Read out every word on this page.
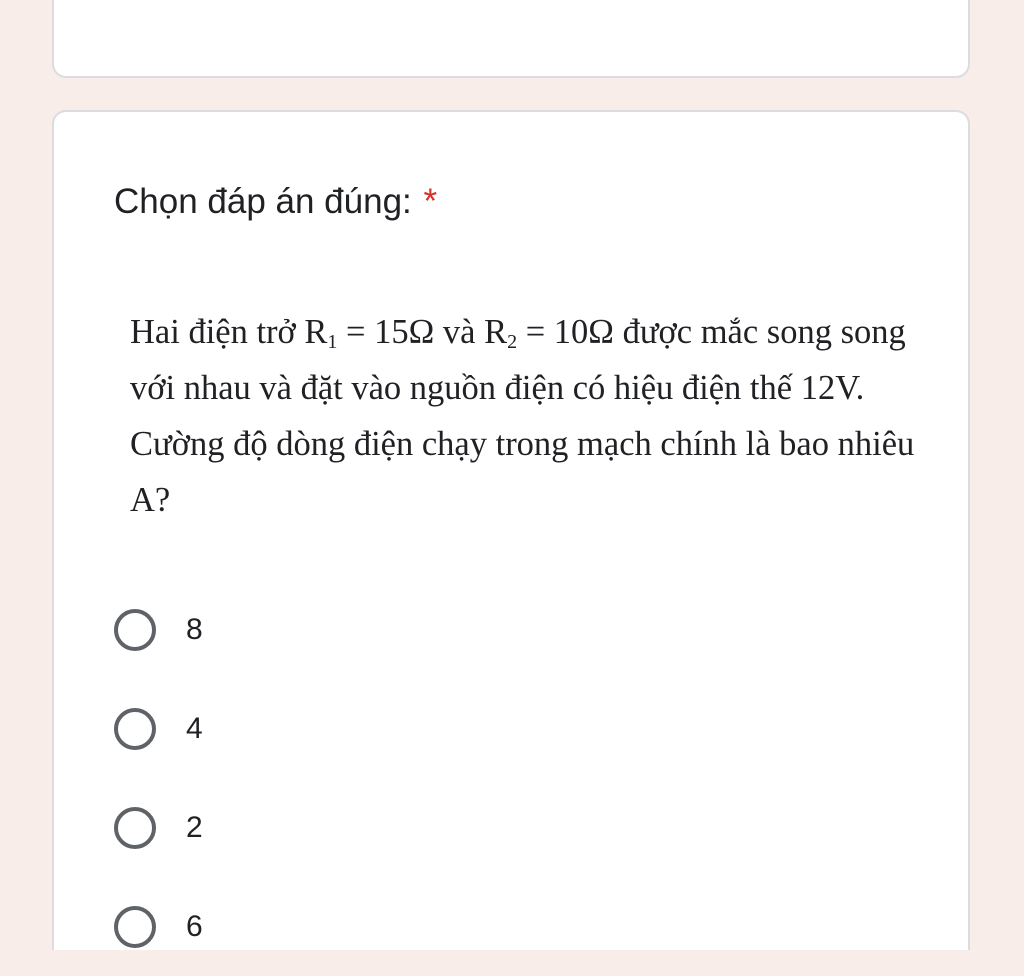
Chọn đáp án đúng: *

Hai điện trở $R_1 = 15\Omega$ và $R_2 = 10\Omega$ được mắc song song với nhau và đặt vào nguồn điện có hiệu điện thế 12V. Cường độ dòng điện chạy trong mạch chính là bao nhiêu A?

8
4
2
6
